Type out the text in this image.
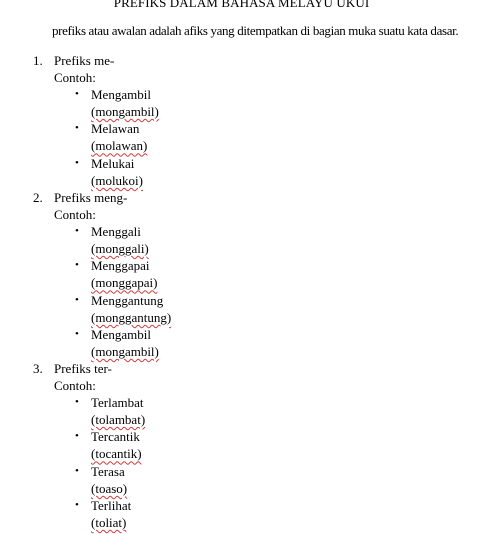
PREFIKS DALAM BAHASA MELAYU UKUI
prefiks atau awalan adalah afiks yang ditempatkan di bagian muka suatu kata dasar.
1. Prefiks me-
Contoh:
• Mengambil
(mongambil)
• Melawan
(molawan)
• Melukai
(molukoi)
2. Prefiks meng-
Contoh:
• Menggali
(monggali)
• Menggapai
(monggapai)
• Menggantung
(monggantung)
• Mengambil
(mongambil)
3. Prefiks ter-
Contoh:
• Terlambat
(tolambat)
• Tercantik
(tocantik)
• Terasa
(toaso)
• Terlihat
(toliat)
